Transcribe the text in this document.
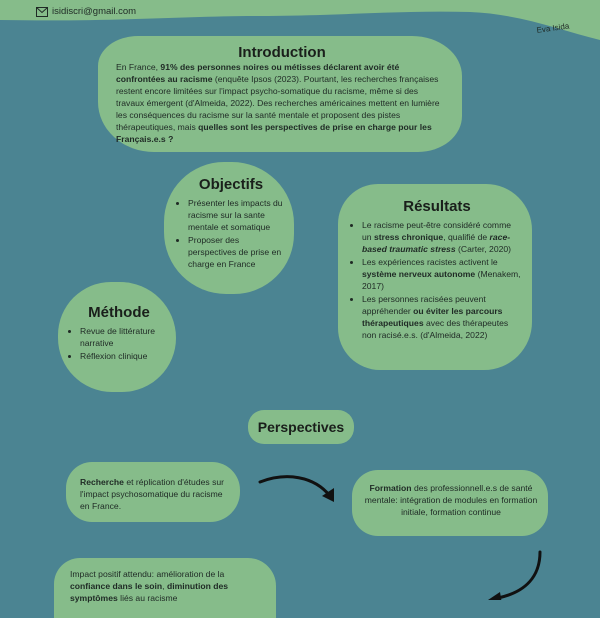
isidiscri@gmail.com
Eva Isida
Introduction

En France, 91% des personnes noires ou métisses déclarent avoir été confrontées au racisme (enquête Ipsos (2023). Pourtant, les recherches françaises restent encore limitées sur l'impact psycho-somatique du racisme, même si des travaux émergent (d'Almeida, 2022). Des recherches américaines mettent en lumière les conséquences du racisme sur la santé mentale et proposent des pistes thérapeutiques, mais quelles sont les perspectives de prise en charge pour les Français.e.s ?

Objectifs
• Présenter les impacts du racisme sur la sante mentale et somatique
• Proposer des perspectives de prise en charge en France
Résultats
• Le racisme peut-être considéré comme un stress chronique, qualifié de race-based traumatic stress (Carter, 2020)
• Les expériences racistes activent le système nerveux autonome (Menakem, 2017)
• Les personnes racisées peuvent appréhender ou éviter les parcours thérapeutiques avec des thérapeutes non racisé.e.s. (d'Almeida, 2022)
Méthode
• Revue de littérature narrative
• Réflexion clinique
Perspectives

Recherche et réplication d'études sur l'impact psychosomatique du racisme en France.

Formation des professionnell.e.s de santé mentale: intégration de modules en formation initiale, formation continue

Impact positif attendu: amélioration de la confiance dans le soin, diminution des symptômes liés au racisme
